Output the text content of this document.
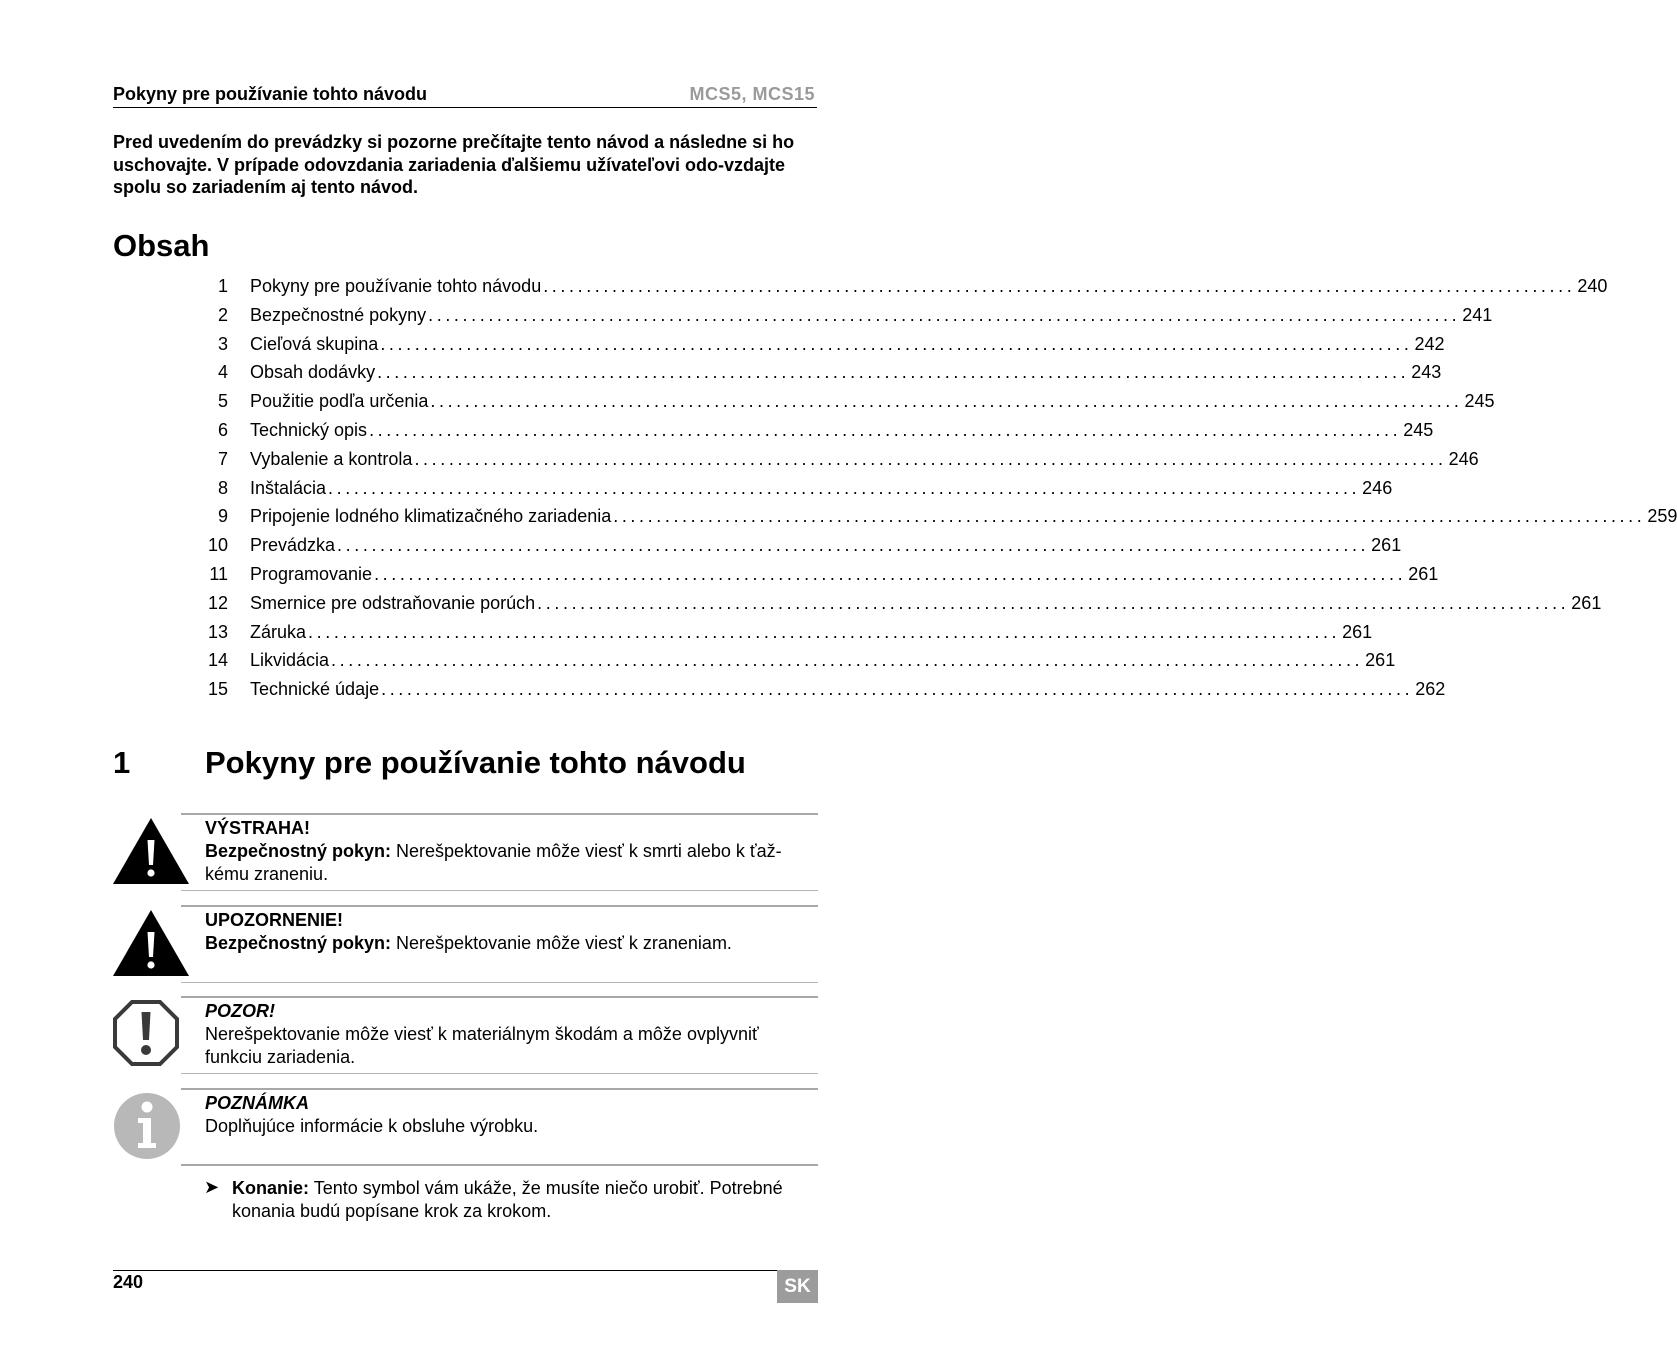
Pokyny pre používanie tohto návodu	MCS5, MCS15
Pred uvedením do prevádzky si pozorne prečítajte tento návod a následne si ho uschovajte. V prípade odovzdania zariadenia ďalšiemu užívateľovi odo-vzdajte spolu so zariadením aj tento návod.
Obsah
1 Pokyny pre používanie tohto návodu ........................................................................................................................ 240
2 Bezpečnostné pokyny ........................................................................................................................ 241
3 Cieľová skupina ........................................................................................................................ 242
4 Obsah dodávky ........................................................................................................................ 243
5 Použitie podľa určenia ........................................................................................................................ 245
6 Technický opis ........................................................................................................................ 245
7 Vybalenie a kontrola ........................................................................................................................ 246
8 Inštalácia ........................................................................................................................ 246
9 Pripojenie lodného klimatizačného zariadenia ........................................................................................................................ 259
10 Prevádzka ........................................................................................................................ 261
11 Programovanie ........................................................................................................................ 261
12 Smernice pre odstraňovanie porúch ........................................................................................................................ 261
13 Záruka ........................................................................................................................ 261
14 Likvidácia ........................................................................................................................ 261
15 Technické údaje ........................................................................................................................ 262
1 Pokyny pre používanie tohto návodu
VÝSTRAHA!
Bezpečnostný pokyn: Nerešpektovanie môže viesť k smrti alebo k ťaž-kému zraneniu.
UPOZORNENIE!
Bezpečnostný pokyn: Nerešpektovanie môže viesť k zraneniam.
POZOR!
Nerešpektovanie môže viesť k materiálnym škodám a môže ovplyvniť funkciu zariadenia.
POZNÁMKA
Doplňujúce informácie k obsluhe výrobku.
➤ Konanie: Tento symbol vám ukáže, že musíte niečo urobiť. Potrebné konania budú popísane krok za krokom.
240	SK
